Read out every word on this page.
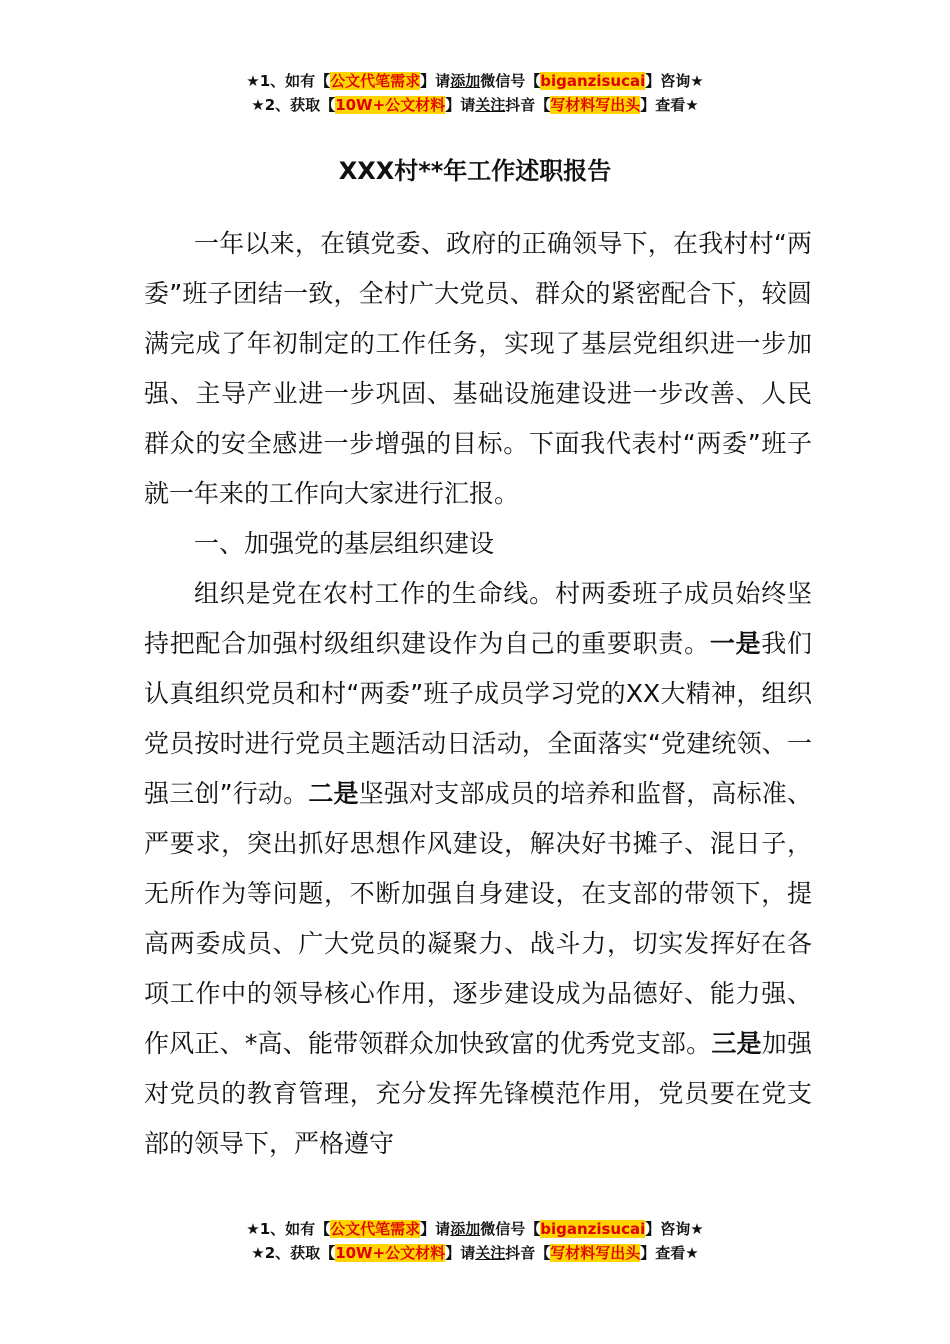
★1、如有【公文代笔需求】请添加微信号【biganzisucai】咨询★
★2、获取【10W+公文材料】请关注抖音【写材料写出头】查看★
XXX村**年工作述职报告

一年以来，在镇党委、政府的正确领导下，在我村村“两委”班子团结一致，全村广大党员、群众的紧密配合下，较圆满完成了年初制定的工作任务，实现了基层党组织进一步加强、主导产业进一步巩固、基础设施建设进一步改善、人民群众的安全感进一步增强的目标。下面我代表村“两委”班子就一年来的工作向大家进行汇报。

一、加强党的基层组织建设

组织是党在农村工作的生命线。村两委班子成员始终坚持把配合加强村级组织建设作为自己的重要职责。一是我们认真组织党员和村“两委”班子成员学习党的XX大精神，组织党员按时进行党员主题活动日活动，全面落实“党建统领、一强三创”行动。二是坚强对支部成员的培养和监督，高标准、严要求，突出抓好思想作风建设，解决好书摊子、混日子，无所作为等问题，不断加强自身建设，在支部的带领下，提高两委成员、广大党员的凝聚力、战斗力，切实发挥好在各项工作中的领导核心作用，逐步建设成为品德好、能力强、作风正、*高、能带领群众加快致富的优秀党支部。三是加强对党员的教育管理，充分发挥先锋模范作用，党员要在党支部的领导下，严格遵守

★1、如有【公文代笔需求】请添加微信号【biganzisucai】咨询★
★2、获取【10W+公文材料】请关注抖音【写材料写出头】查看★
